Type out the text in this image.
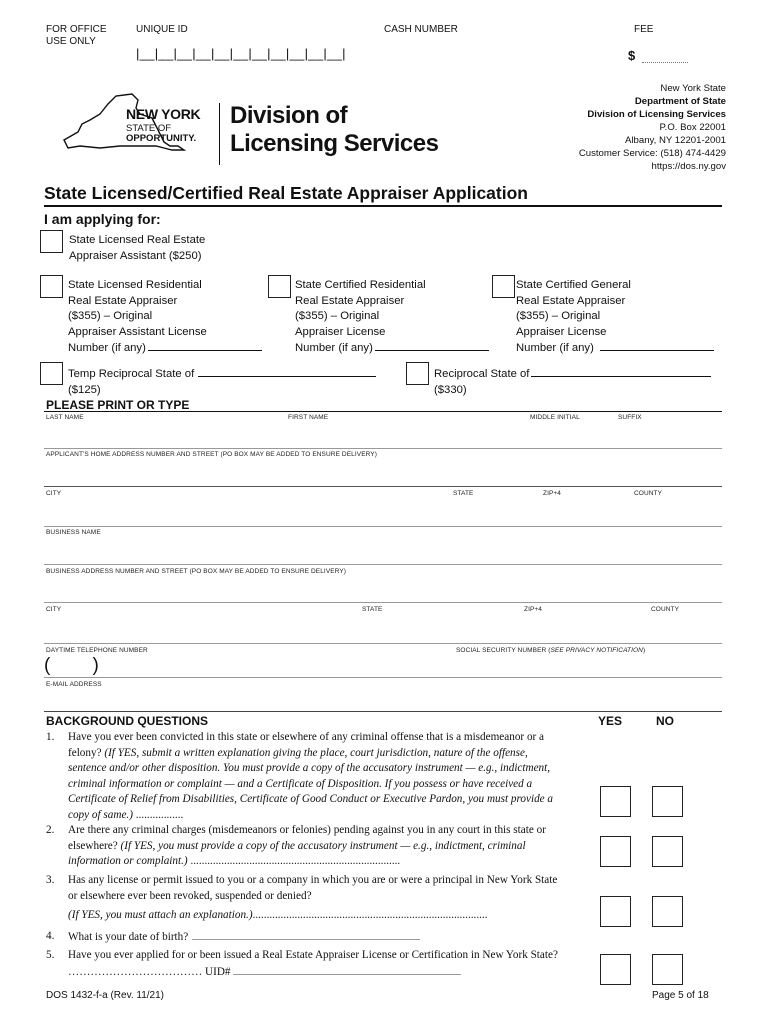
FOR OFFICE
USE ONLY
UNIQUE ID	CASH NUMBER	FEE
|__|__|__|__|__|__|__|__|__|__|__|	$
NEW YORK
STATE OF
OPPORTUNITY.
Division of
Licensing Services
New York State
Department of State
Division of Licensing Services
P.O. Box 22001
Albany, NY 12201-2001
Customer Service: (518) 474-4429
https://dos.ny.gov
State Licensed/Certified Real Estate Appraiser Application
I am applying for:
State Licensed Real Estate
Appraiser Assistant ($250)
State Licensed Residential
Real Estate Appraiser
($355) – Original
Appraiser Assistant License
Number (if any)
State Certified Residential
Real Estate Appraiser
($355) – Original
Appraiser License
Number (if any)
State Certified General
Real Estate Appraiser
($355) – Original
Appraiser License
Number (if any)
Temp Reciprocal State of
($125)
Reciprocal State of
($330)
PLEASE PRINT OR TYPE
LAST NAME	FIRST NAME	MIDDLE INITIAL	SUFFIX
APPLICANT'S HOME ADDRESS NUMBER AND STREET (PO BOX MAY BE ADDED TO ENSURE DELIVERY)
CITY	STATE	ZIP+4	COUNTY
BUSINESS NAME
BUSINESS ADDRESS NUMBER AND STREET (PO BOX MAY BE ADDED TO ENSURE DELIVERY)
CITY	STATE	ZIP+4	COUNTY
DAYTIME TELEPHONE NUMBER	SOCIAL SECURITY NUMBER (SEE PRIVACY NOTIFICATION)
(        )
E-MAIL ADDRESS
BACKGROUND QUESTIONS	YES	NO
1. Have you ever been convicted in this state or elsewhere of any criminal offense that is a misdemeanor or a felony? (If YES, submit a written explanation giving the place, court jurisdiction, nature of the offense, sentence and/or other disposition. You must provide a copy of the accusatory instrument — e.g., indictment, criminal information or complaint — and a Certificate of Disposition. If you possess or have received a Certificate of Relief from Disabilities, Certificate of Good Conduct or Executive Pardon, you must provide a copy of same.) .................
2. Are there any criminal charges (misdemeanors or felonies) pending against you in any court in this state or elsewhere? (If YES, you must provide a copy of the accusatory instrument — e.g., indictment, criminal information or complaint.) ...........................................................................
3. Has any license or permit issued to you or a company in which you are or were a principal in New York State or elsewhere ever been revoked, suspended or denied?
(If YES, you must attach an explanation.)....................................................................................
4. What is your date of birth?
5. Have you ever applied for or been issued a Real Estate Appraiser License or Certification in New York State? ……………………………… UID#
DOS 1432-f-a (Rev. 11/21)	Page 5 of 18
